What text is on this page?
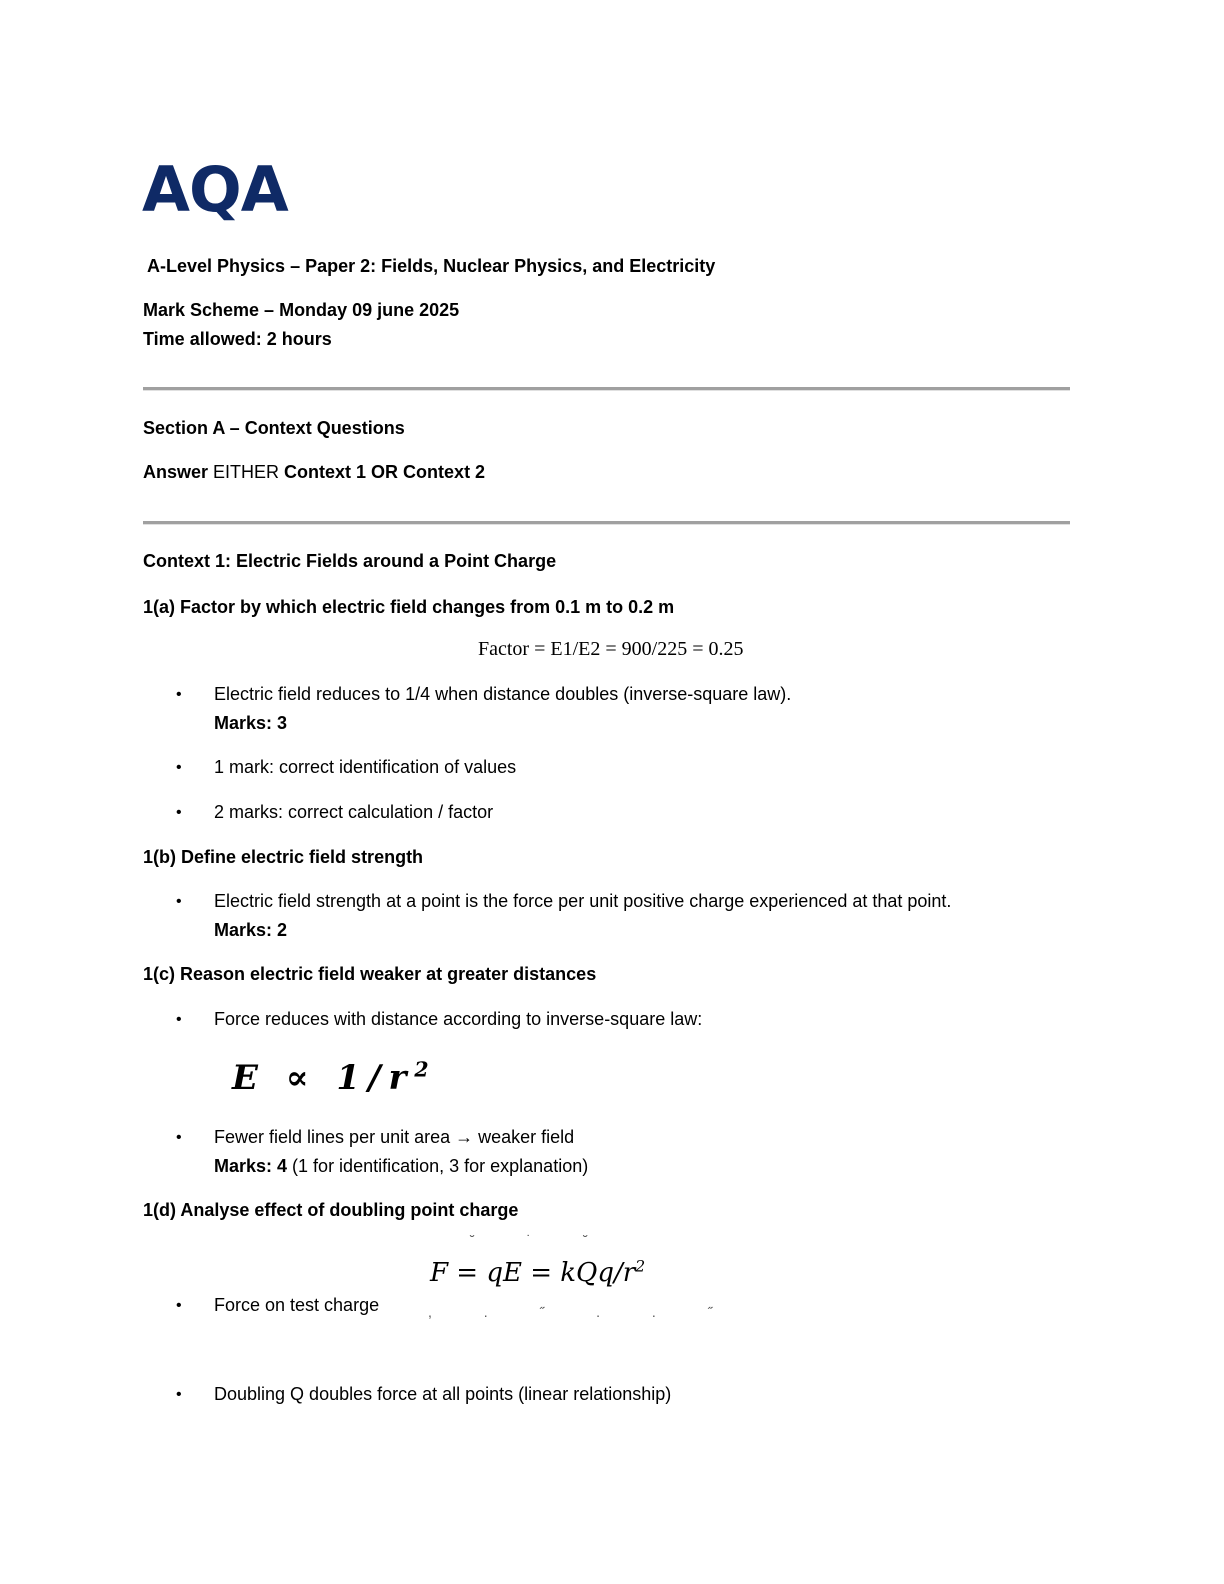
AQA
A-Level Physics – Paper 2: Fields, Nuclear Physics, and Electricity
Mark Scheme – Monday 09 june 2025
Time allowed: 2 hours
Section A – Context Questions
Answer EITHER Context 1 OR Context 2
Context 1: Electric Fields around a Point Charge
1(a) Factor by which electric field changes from 0.1 m to 0.2 m
Factor = E1/E2 = 900/225 = 0.25
• Electric field reduces to 1/4 when distance doubles (inverse-square law).
Marks: 3
• 1 mark: correct identification of values
• 2 marks: correct calculation / factor
1(b) Define electric field strength
• Electric field strength at a point is the force per unit positive charge experienced at that point.
Marks: 2
1(c) Reason electric field weaker at greater distances
• Force reduces with distance according to inverse-square law:
$E \propto 1/r^2$
• Fewer field lines per unit area → weaker field
Marks: 4 (1 for identification, 3 for explanation)
1(d) Analyse effect of doubling point charge
˘ ˙ ˘
F = qE = kQq/$r^2$
• Force on test charge	, . ˝ . . ˝
• Doubling Q doubles force at all points (linear relationship)
